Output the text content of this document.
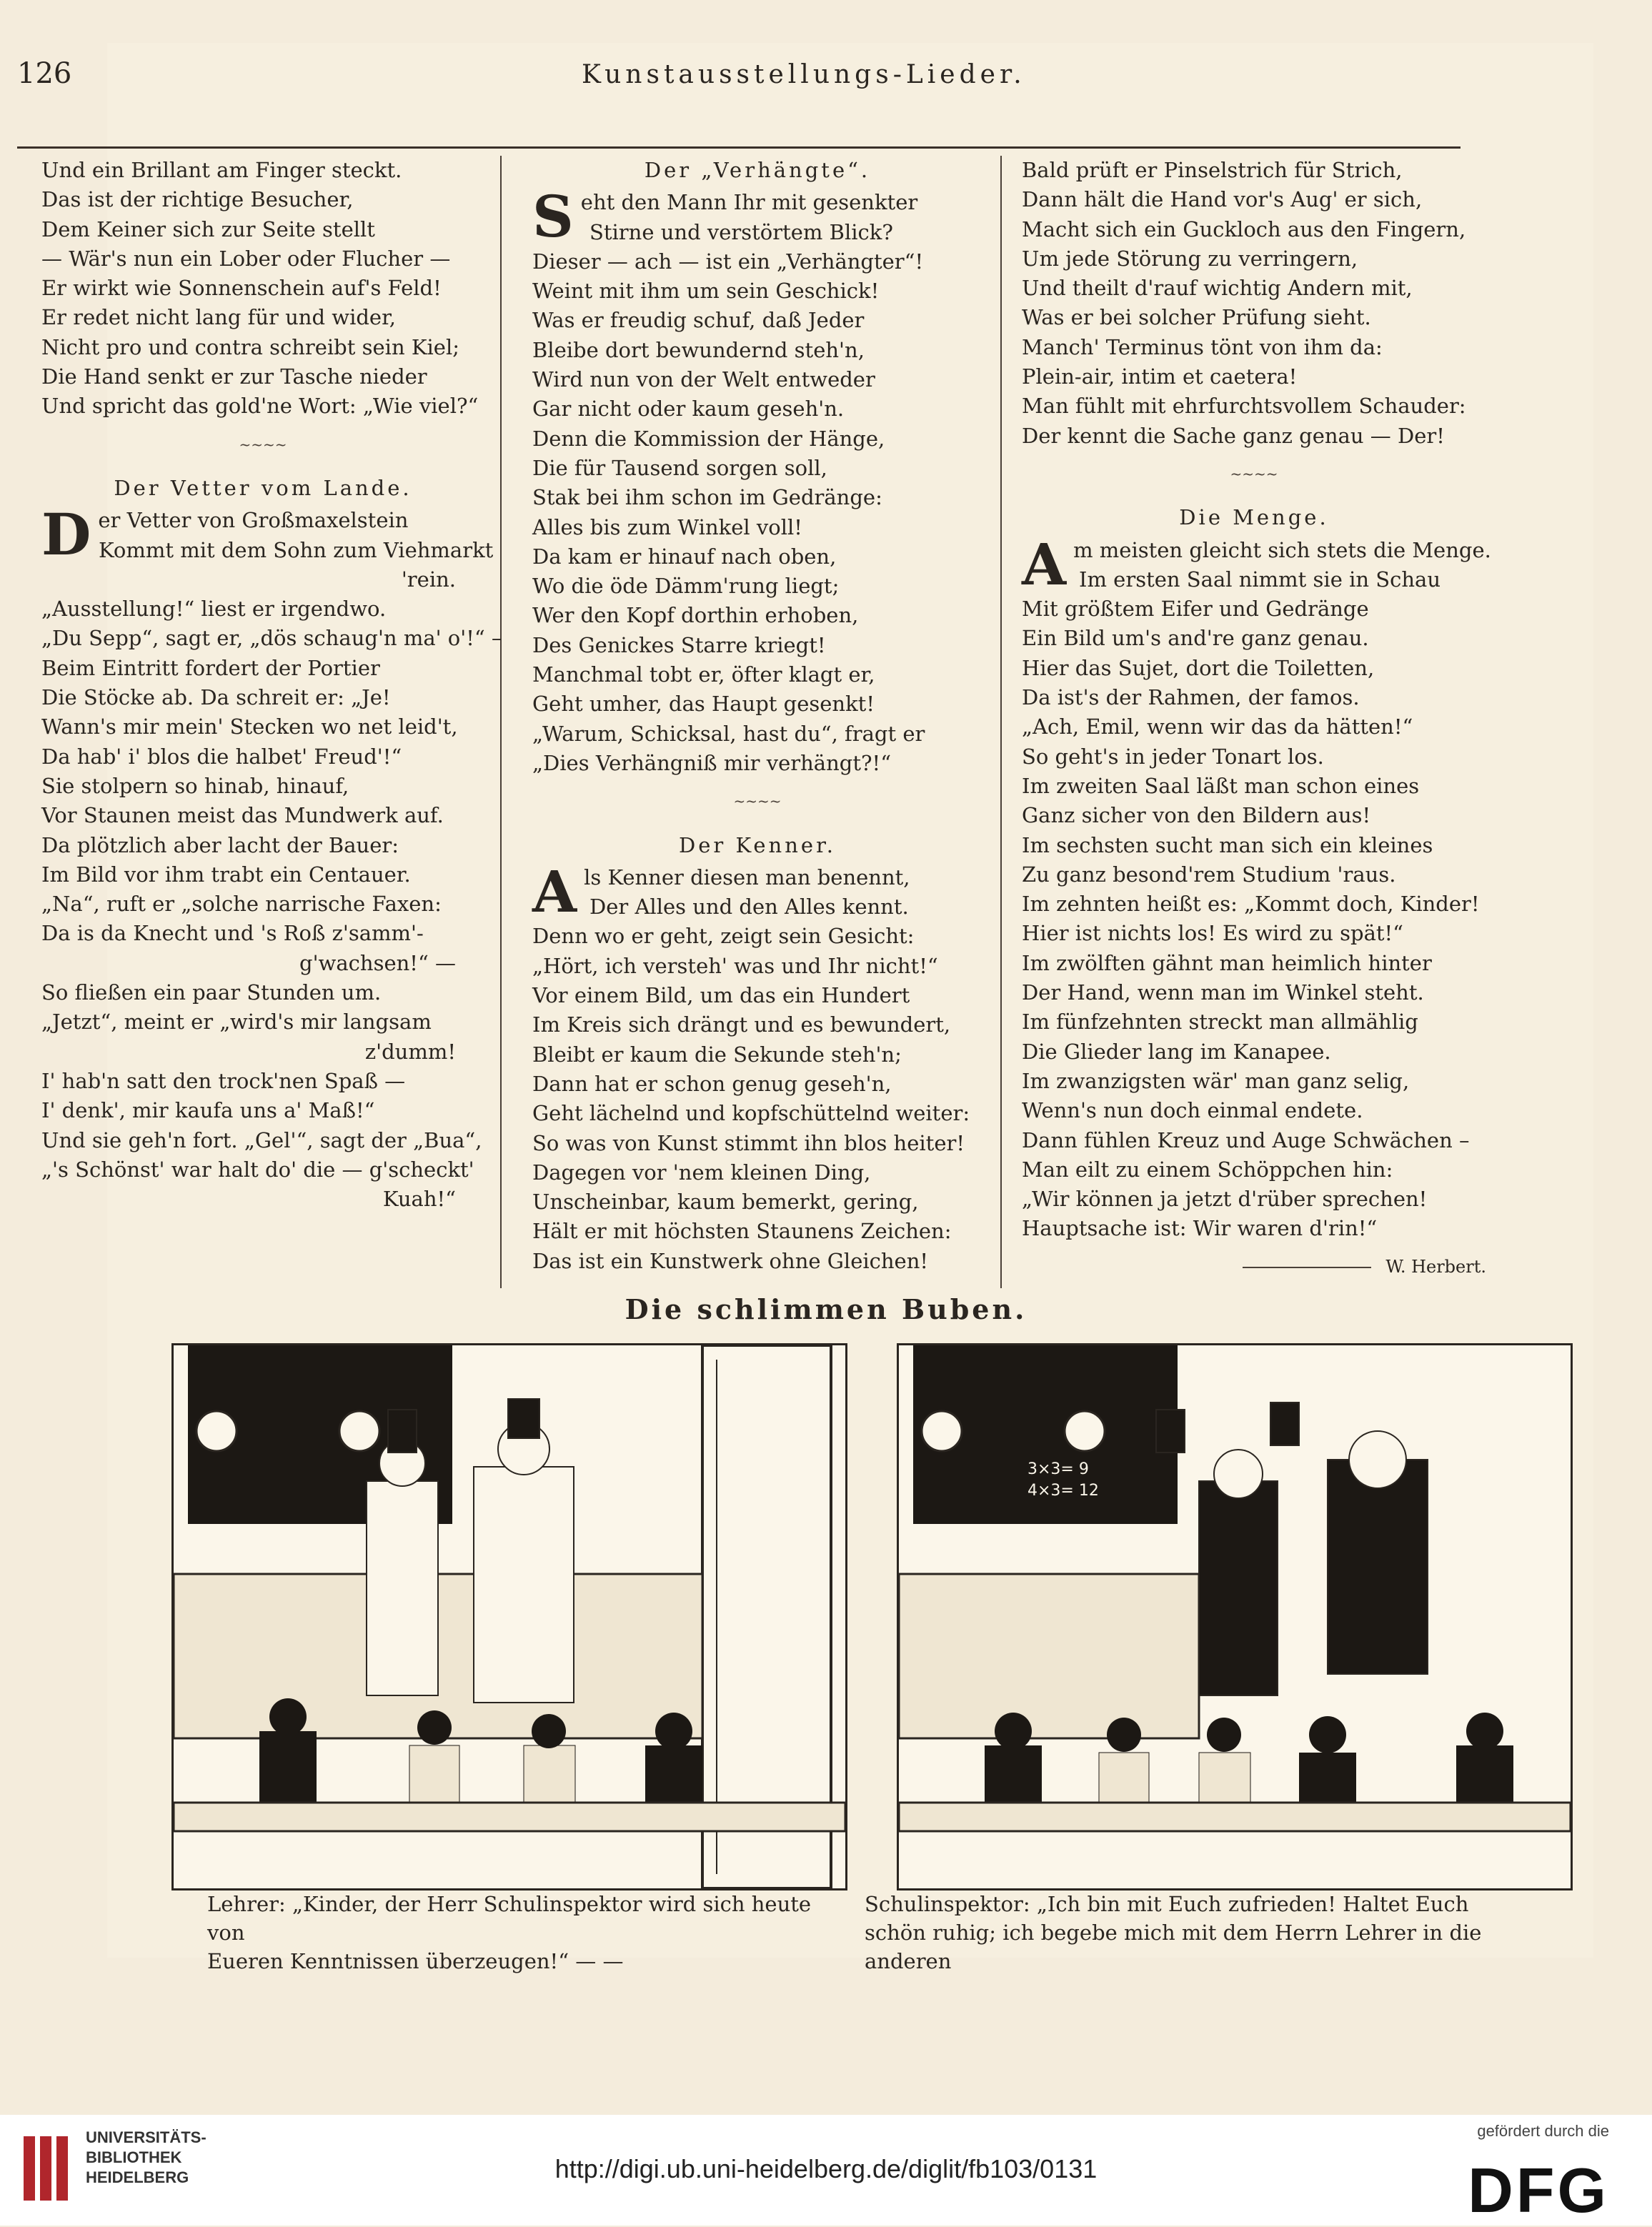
126	Kunstausstellungs-Lieder.
Und ein Brillant am Finger steckt.
Das ist der richtige Besucher,
Dem Keiner sich zur Seite stellt
— Wär's nun ein Lober oder Flucher —
Er wirkt wie Sonnenschein auf's Feld!
Er redet nicht lang für und wider,
Nicht pro und contra schreibt sein Kiel;
Die Hand senkt er zur Tasche nieder
Und spricht das gold'ne Wort: „Wie viel?“
~~~~
Der Vetter vom Lande.
D er Vetter von Großmaxelstein
Kommt mit dem Sohn zum Viehmarkt
'rein.
„Ausstellung!“ liest er irgendwo.
„Du Sepp“, sagt er, „dös schaug'n ma' o'!“ –
Beim Eintritt fordert der Portier
Die Stöcke ab. Da schreit er: „Je!
Wann's mir mein' Stecken wo net leid't,
Da hab' i' blos die halbet' Freud'!“
Sie stolpern so hinab, hinauf,
Vor Staunen meist das Mundwerk auf.
Da plötzlich aber lacht der Bauer:
Im Bild vor ihm trabt ein Centauer.
„Na“, ruft er „solche narrische Faxen:
Da is da Knecht und 's Roß z'samm'-
g'wachsen!“ —
So fließen ein paar Stunden um.
„Jetzt“, meint er „wird's mir langsam
z'dumm!
I' hab'n satt den trock'nen Spaß —
I' denk', mir kaufa uns a' Maß!“
Und sie geh'n fort. „Gel'“, sagt der „Bua“,
„'s Schönst' war halt do' die — g'scheckt'
Kuah!“
Der „Verhängte“.
S eht den Mann Ihr mit gesenkter
Stirne und verstörtem Blick?
Dieser — ach — ist ein „Verhängter“!
Weint mit ihm um sein Geschick!
Was er freudig schuf, daß Jeder
Bleibe dort bewundernd steh'n,
Wird nun von der Welt entweder
Gar nicht oder kaum geseh'n.
Denn die Kommission der Hänge,
Die für Tausend sorgen soll,
Stak bei ihm schon im Gedränge:
Alles bis zum Winkel voll!
Da kam er hinauf nach oben,
Wo die öde Dämm'rung liegt;
Wer den Kopf dorthin erhoben,
Des Genickes Starre kriegt!
Manchmal tobt er, öfter klagt er,
Geht umher, das Haupt gesenkt!
„Warum, Schicksal, hast du“, fragt er
„Dies Verhängniß mir verhängt?!“
~~~~
Der Kenner.
A ls Kenner diesen man benennt,
Der Alles und den Alles kennt.
Denn wo er geht, zeigt sein Gesicht:
„Hört, ich versteh' was und Ihr nicht!“
Vor einem Bild, um das ein Hundert
Im Kreis sich drängt und es bewundert,
Bleibt er kaum die Sekunde steh'n;
Dann hat er schon genug geseh'n,
Geht lächelnd und kopfschüttelnd weiter:
So was von Kunst stimmt ihn blos heiter!
Dagegen vor 'nem kleinen Ding,
Unscheinbar, kaum bemerkt, gering,
Hält er mit höchsten Staunens Zeichen:
Das ist ein Kunstwerk ohne Gleichen!
Bald prüft er Pinselstrich für Strich,
Dann hält die Hand vor's Aug' er sich,
Macht sich ein Guckloch aus den Fingern,
Um jede Störung zu verringern,
Und theilt d'rauf wichtig Andern mit,
Was er bei solcher Prüfung sieht.
Manch' Terminus tönt von ihm da:
Plein-air, intim et caetera!
Man fühlt mit ehrfurchtsvollem Schauder:
Der kennt die Sache ganz genau — Der!
~~~~
Die Menge.
A m meisten gleicht sich stets die Menge.
Im ersten Saal nimmt sie in Schau
Mit größtem Eifer und Gedränge
Ein Bild um's and're ganz genau.
Hier das Sujet, dort die Toiletten,
Da ist's der Rahmen, der famos.
„Ach, Emil, wenn wir das da hätten!“
So geht's in jeder Tonart los.
Im zweiten Saal läßt man schon eines
Ganz sicher von den Bildern aus!
Im sechsten sucht man sich ein kleines
Zu ganz besond'rem Studium 'raus.
Im zehnten heißt es: „Kommt doch, Kinder!
Hier ist nichts los! Es wird zu spät!“
Im zwölften gähnt man heimlich hinter
Der Hand, wenn man im Winkel steht.
Im fünfzehnten streckt man allmählig
Die Glieder lang im Kanapee.
Im zwanzigsten wär' man ganz selig,
Wenn's nun doch einmal endete.
Dann fühlen Kreuz und Auge Schwächen –
Man eilt zu einem Schöppchen hin:
„Wir können ja jetzt d'rüber sprechen!
Hauptsache ist: Wir waren d'rin!“
W. Herbert.
Die schlimmen Buben.
3×3= 9
4×3= 12
Lehrer: „Kinder, der Herr Schulinspektor wird sich heute von
Eueren Kenntnissen überzeugen!“ — —
Schulinspektor: „Ich bin mit Euch zufrieden! Haltet Euch
schön ruhig; ich begebe mich mit dem Herrn Lehrer in die anderen
UNIVERSITÄTS-
BIBLIOTHEK
HEIDELBERG	http://digi.ub.uni-heidelberg.de/diglit/fb103/0131
gefördert durch die
DFG
